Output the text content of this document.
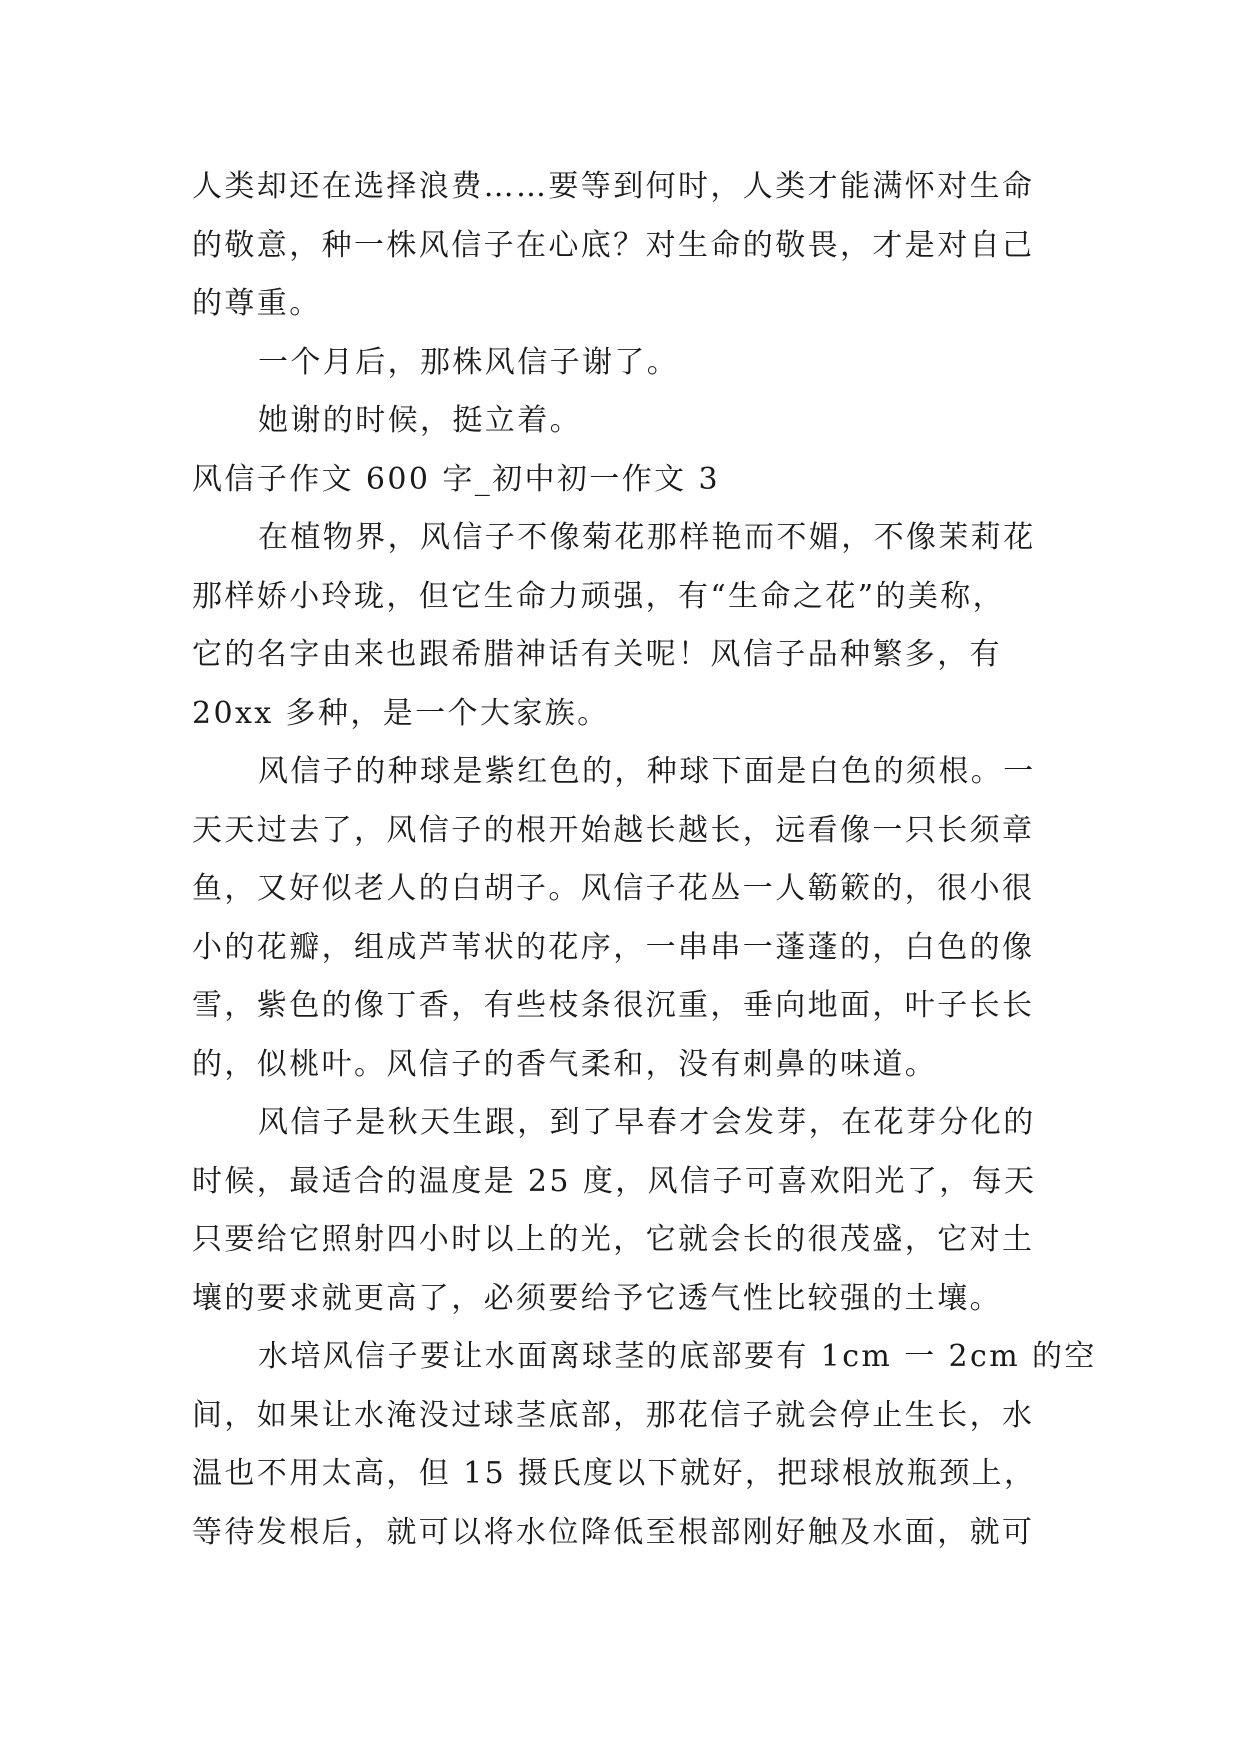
人类却还在选择浪费……要等到何时，人类才能满怀对生命
的敬意，种一株风信子在心底？对生命的敬畏，才是对自己
的尊重。
一个月后，那株风信子谢了。
她谢的时候，挺立着。
风信子作文 600 字_初中初一作文 3
在植物界，风信子不像菊花那样艳而不媚，不像茉莉花
那样娇小玲珑，但它生命力顽强，有“生命之花”的美称，
它的名字由来也跟希腊神话有关呢！风信子品种繁多，有
20xx 多种，是一个大家族。
风信子的种球是紫红色的，种球下面是白色的须根。一
天天过去了，风信子的根开始越长越长，远看像一只长须章
鱼，又好似老人的白胡子。风信子花丛一人簕簌的，很小很
小的花瓣，组成芦苇状的花序，一串串一蓬蓬的，白色的像
雪，紫色的像丁香，有些枝条很沉重，垂向地面，叶子长长
的，似桃叶。风信子的香气柔和，没有刺鼻的味道。
风信子是秋天生跟，到了早春才会发芽，在花芽分化的
时候，最适合的温度是 25 度，风信子可喜欢阳光了，每天
只要给它照射四小时以上的光，它就会长的很茂盛，它对土
壤的要求就更高了，必须要给予它透气性比较强的土壤。
水培风信子要让水面离球茎的底部要有 1cm 一 2cm 的空
间，如果让水淹没过球茎底部，那花信子就会停止生长，水
温也不用太高，但 15 摄氏度以下就好，把球根放瓶颈上，
等待发根后，就可以将水位降低至根部刚好触及水面，就可
